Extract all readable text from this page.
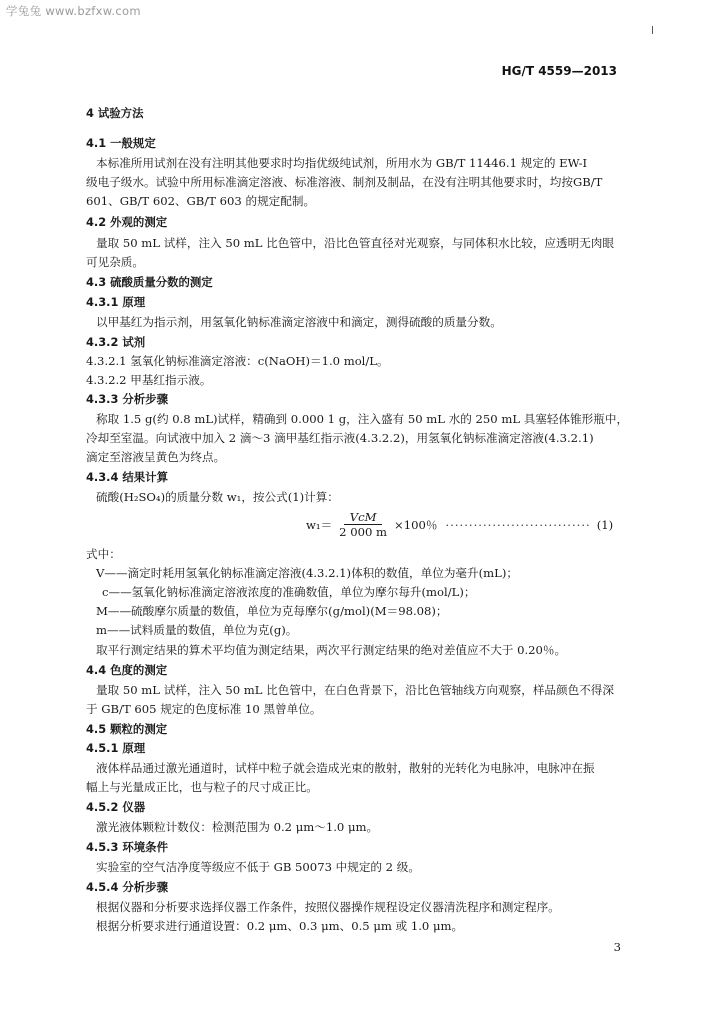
学兔兔 www.bzfxw.com
HG/T 4559—2013
4 试验方法
4.1 一般规定
本标准所用试剂在没有注明其他要求时均指优级纯试剂，所用水为 GB/T 11446.1 规定的 EW-Ⅰ
级电子级水。试验中所用标准滴定溶液、标准溶液、制剂及制品，在没有注明其他要求时，均按GB/T
601、GB/T 602、GB/T 603 的规定配制。
4.2 外观的测定
量取 50 mL 试样，注入 50 mL 比色管中，沿比色管直径对光观察，与同体积水比较，应透明无肉眼
可见杂质。
4.3 硫酸质量分数的测定
4.3.1 原理
以甲基红为指示剂，用氢氧化钠标准滴定溶液中和滴定，测得硫酸的质量分数。
4.3.2 试剂
4.3.2.1 氢氧化钠标准滴定溶液：c(NaOH)＝1.0 mol/L。
4.3.2.2 甲基红指示液。
4.3.3 分析步骤
称取 1.5 g(约 0.8 mL)试样，精确到 0.000 1 g，注入盛有 50 mL 水的 250 mL 具塞轻体锥形瓶中，
冷却至室温。向试液中加入 2 滴～3 滴甲基红指示液(4.3.2.2)，用氢氧化钠标准滴定溶液(4.3.2.1)
滴定至溶液呈黄色为终点。
4.3.4 结果计算
硫酸(H₂SO₄)的质量分数 w₁，按公式(1)计算：
$w_1= \frac{\text{VcM}}{2 000 m} \times 100$％ ······························· (1)
式中：
V——滴定时耗用氢氧化钠标准滴定溶液(4.3.2.1)体积的数值，单位为毫升(mL)；
c——氢氧化钠标准滴定溶液浓度的准确数值，单位为摩尔每升(mol/L)；
M——硫酸摩尔质量的数值，单位为克每摩尔(g/mol)(M＝98.08)；
m——试料质量的数值，单位为克(g)。
取平行测定结果的算术平均值为测定结果，两次平行测定结果的绝对差值应不大于 0.20％。
4.4 色度的测定
量取 50 mL 试样，注入 50 mL 比色管中，在白色背景下，沿比色管轴线方向观察，样品颜色不得深
于 GB/T 605 规定的色度标准 10 黑曾单位。
4.5 颗粒的测定
4.5.1 原理
液体样品通过激光通道时，试样中粒子就会造成光束的散射，散射的光转化为电脉冲，电脉冲在振
幅上与光量成正比，也与粒子的尺寸成正比。
4.5.2 仪器
激光液体颗粒计数仪：检测范围为 0.2 μm～1.0 μm。
4.5.3 环境条件
实验室的空气洁净度等级应不低于 GB 50073 中规定的 2 级。
4.5.4 分析步骤
根据仪器和分析要求选择仪器工作条件，按照仪器操作规程设定仪器清洗程序和测定程序。
根据分析要求进行通道设置：0.2 μm、0.3 μm、0.5 μm 或 1.0 μm。
3
